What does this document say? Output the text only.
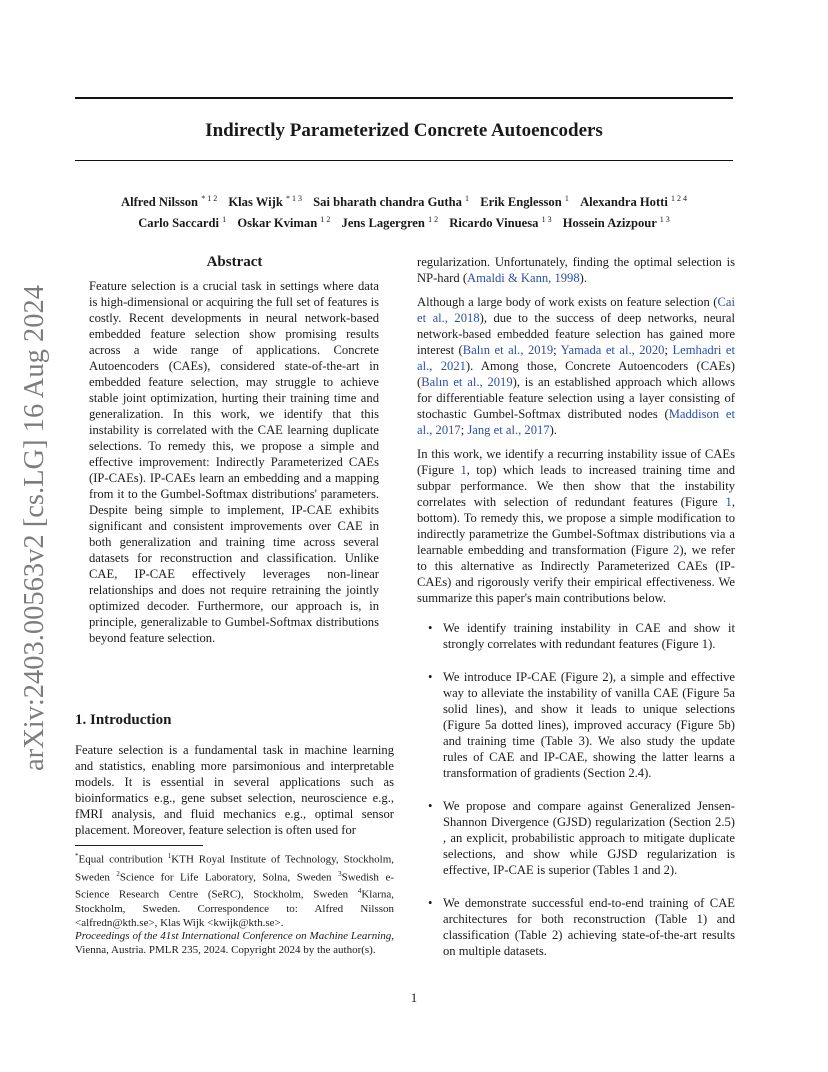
arXiv:2403.00563v2 [cs.LG] 16 Aug 2024
Indirectly Parameterized Concrete Autoencoders
Alfred Nilsson $^{* 1 2}$ Klas Wijk $^{* 1 3}$ Sai bharath chandra Gutha $^1$ Erik Englesson $^1$ Alexandra Hotti $^{1 2 4}$
Carlo Saccardi $^1$ Oskar Kviman $^{1 2}$ Jens Lagergren $^{1 2}$ Ricardo Vinuesa $^{1 3}$ Hossein Azizpour $^{1 3}$
Abstract
Feature selection is a crucial task in settings where data is high-dimensional or acquiring the full set of features is costly. Recent developments in neural network-based embedded feature selection show promising results across a wide range of applications. Concrete Autoencoders (CAEs), considered state-of-the-art in embedded feature selection, may struggle to achieve stable joint optimization, hurting their training time and generalization. In this work, we identify that this instability is correlated with the CAE learning duplicate selections. To remedy this, we propose a simple and effective improvement: Indirectly Parameterized CAEs (IP-CAEs). IP-CAEs learn an embedding and a mapping from it to the Gumbel-Softmax distributions' parameters. Despite being simple to implement, IP-CAE exhibits significant and consistent improvements over CAE in both generalization and training time across several datasets for reconstruction and classification. Unlike CAE, IP-CAE effectively leverages non-linear relationships and does not require retraining the jointly optimized decoder. Furthermore, our approach is, in principle, generalizable to Gumbel-Softmax distributions beyond feature selection.
1. Introduction
Feature selection is a fundamental task in machine learning and statistics, enabling more parsimonious and interpretable models. It is essential in several applications such as bioinformatics e.g., gene subset selection, neuroscience e.g., fMRI analysis, and fluid mechanics e.g., optimal sensor placement. Moreover, feature selection is often used for
*Equal contribution $^1$KTH Royal Institute of Technology, Stockholm, Sweden $^2$Science for Life Laboratory, Solna, Sweden $^3$Swedish e-Science Research Centre (SeRC), Stockholm, Sweden $^4$Klarna, Stockholm, Sweden. Correspondence to: Alfred Nilsson <alfredn@kth.se>, Klas Wijk <kwijk@kth.se>.
Proceedings of the 41st International Conference on Machine Learning, Vienna, Austria. PMLR 235, 2024. Copyright 2024 by the author(s).

regularization. Unfortunately, finding the optimal selection is NP-hard (Amaldi & Kann, 1998).

Although a large body of work exists on feature selection (Cai et al., 2018), due to the success of deep networks, neural network-based embedded feature selection has gained more interest (Balın et al., 2019; Yamada et al., 2020; Lemhadri et al., 2021). Among those, Concrete Autoencoders (CAEs) (Balın et al., 2019), is an established approach which allows for differentiable feature selection using a layer consisting of stochastic Gumbel-Softmax distributed nodes (Maddison et al., 2017; Jang et al., 2017).

In this work, we identify a recurring instability issue of CAEs (Figure 1, top) which leads to increased training time and subpar performance. We then show that the instability correlates with selection of redundant features (Figure 1, bottom). To remedy this, we propose a simple modification to indirectly parametrize the Gumbel-Softmax distributions via a learnable embedding and transformation (Figure 2), we refer to this alternative as Indirectly Parameterized CAEs (IP-CAEs) and rigorously verify their empirical effectiveness. We summarize this paper's main contributions below.

• We identify training instability in CAE and show it strongly correlates with redundant features (Figure 1).
• We introduce IP-CAE (Figure 2), a simple and effective way to alleviate the instability of vanilla CAE (Figure 5a solid lines), and show it leads to unique selections (Figure 5a dotted lines), improved accuracy (Figure 5b) and training time (Table 3). We also study the update rules of CAE and IP-CAE, showing the latter learns a transformation of gradients (Section 2.4).
• We propose and compare against Generalized Jensen-Shannon Divergence (GJSD) regularization (Section 2.5) , an explicit, probabilistic approach to mitigate duplicate selections, and show while GJSD regularization is effective, IP-CAE is superior (Tables 1 and 2).
• We demonstrate successful end-to-end training of CAE architectures for both reconstruction (Table 1) and classification (Table 2) achieving state-of-the-art results on multiple datasets.
1
